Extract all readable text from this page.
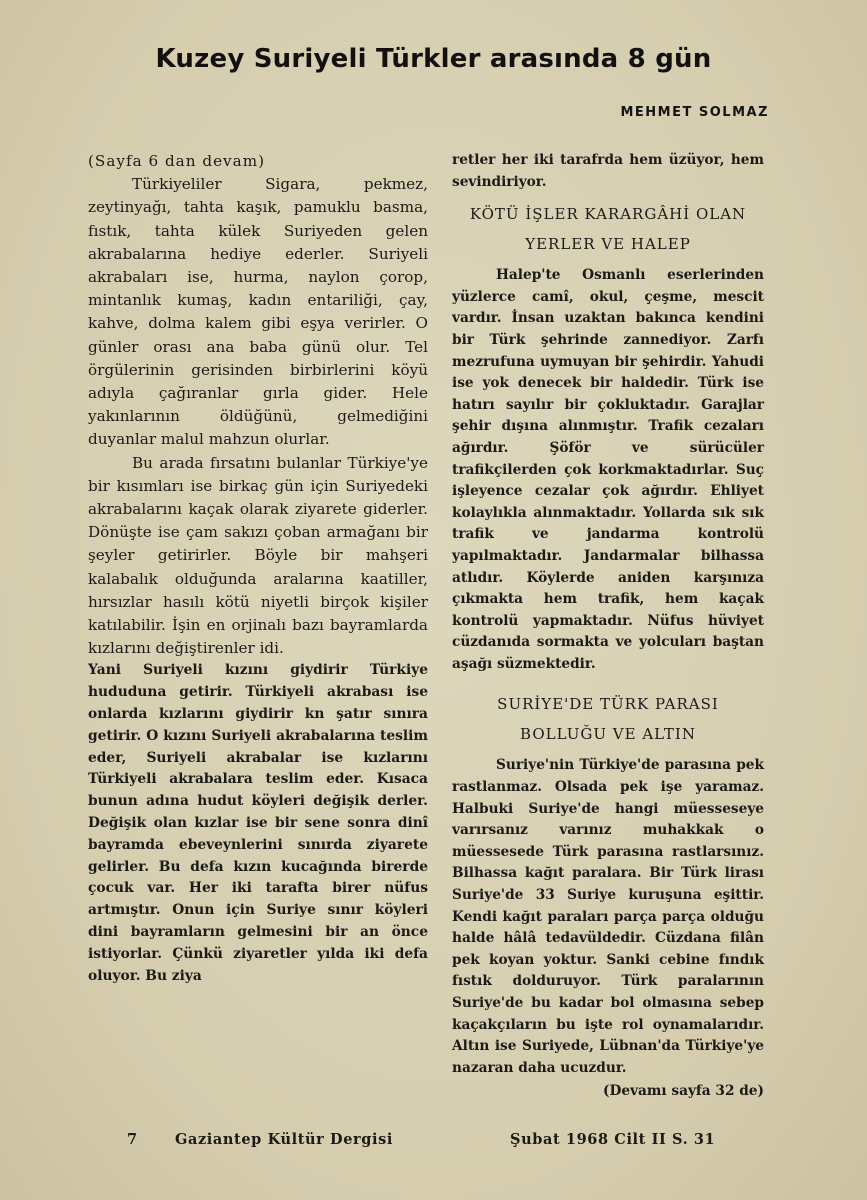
Kuzey Suriyeli Türkler arasında 8 gün
MEHMET SOLMAZ

(Sayfa 6 dan devam)

Türkiyeliler Sigara, pekmez, zeytinyağı, tahta kaşık, pamuklu basma, fıstık, tahta külek Suriyeden gelen akrabalarına hediye ederler. Suriyeli akrabaları ise, hurma, naylon çorop, mintanlık kumaş, kadın entariliği, çay, kahve, dolma kalem gibi eşya verirler. O günler orası ana baba günü olur. Tel örgülerinin gerisinden birbirlerini köyü adıyla çağıranlar gırla gider. Hele yakınlarının öldüğünü, gelmediğini duyanlar malul mahzun olurlar.

Bu arada fırsatını bulanlar Türkiye'ye bir kısımları ise birkaç gün için Suriyedeki akrabalarını kaçak olarak ziyarete giderler. Dönüşte ise çam sakızı çoban armağanı bir şeyler getirirler. Böyle bir mahşeri kalabalık olduğunda aralarına kaatiller, hırsızlar hasılı kötü niyetli birçok kişiler katılabilir. İşin en orjinalı bazı bayramlarda kızlarını değiştirenler idi.

Yani Suriyeli kızını giydirir Türkiye hududuna getirir. Türkiyeli akrabası ise onlarda kızlarını giydirir kn şatır sınıra getirir. O kızını Suriyeli akrabalarına teslim eder, Suriyeli akrabalar ise kızlarını Türkiyeli akrabalara teslim eder. Kısaca bunun adına hudut köyleri değişik derler. Değişik olan kızlar ise bir sene sonra dinî bayramda ebeveynlerini sınırda ziyarete gelirler. Bu defa kızın kucağında birerde çocuk var. Her iki tarafta birer nüfus artmıştır. Onun için Suriye sınır köyleri dini bayramların gelmesini bir an önce istiyorlar. Çünkü ziyaretler yılda iki defa oluyor. Bu ziya

retler her iki tarafrda hem üzüyor, hem sevindiriyor.

KÖTÜ İŞLER KARARGÂHİ OLAN YERLER VE HALEP

Halep'te Osmanlı eserlerinden yüzlerce camî, okul, çeşme, mescit vardır. İnsan uzaktan bakınca kendini bir Türk şehrinde zannediyor. Zarfı mezrufuna uymuyan bir şehirdir. Yahudi ise yok denecek bir haldedir. Türk ise hatırı sayılır bir çokluktadır. Garajlar şehir dışına alınmıştır. Trafik cezaları ağırdır. Şöför ve sürücüler trafikçilerden çok korkmaktadırlar. Suç işleyence cezalar çok ağırdır. Ehliyet kolaylıkla alınmaktadır. Yollarda sık sık trafik ve jandarma kontrolü yapılmaktadır. Jandarmalar bilhassa atlıdır. Köylerde aniden karşınıza çıkmakta hem trafik, hem kaçak kontrolü yapmaktadır. Nüfus hüviyet cüzdanıda sormakta ve yolcuları baştan aşağı süzmektedir.

SURİYE'DE TÜRK PARASI BOLLUĞU VE ALTIN

Suriye'nin Türkiye'de parasına pek rastlanmaz. Olsada pek işe yaramaz. Halbuki Suriye'de hangi müesseseye varırsanız varınız muhakkak o müessesede Türk parasına rastlarsınız. Bilhassa kağıt paralara. Bir Türk lirası Suriye'de 33 Suriye kuruşuna eşittir. Kendi kağıt paraları parça parça olduğu halde hâlâ tedavüldedir. Cüzdana filân pek koyan yoktur. Sanki cebine fındık fıstık dolduruyor. Türk paralarının Suriye'de bu kadar bol olmasına sebep kaçakçıların bu işte rol oynamalarıdır. Altın ise Suriyede, Lübnan'da Türkiye'ye nazaran daha ucuzdur.

(Devamı sayfa 32 de)

7	Gaziantep Kültür Dergisi	Şubat 1968 Cilt II S. 31
